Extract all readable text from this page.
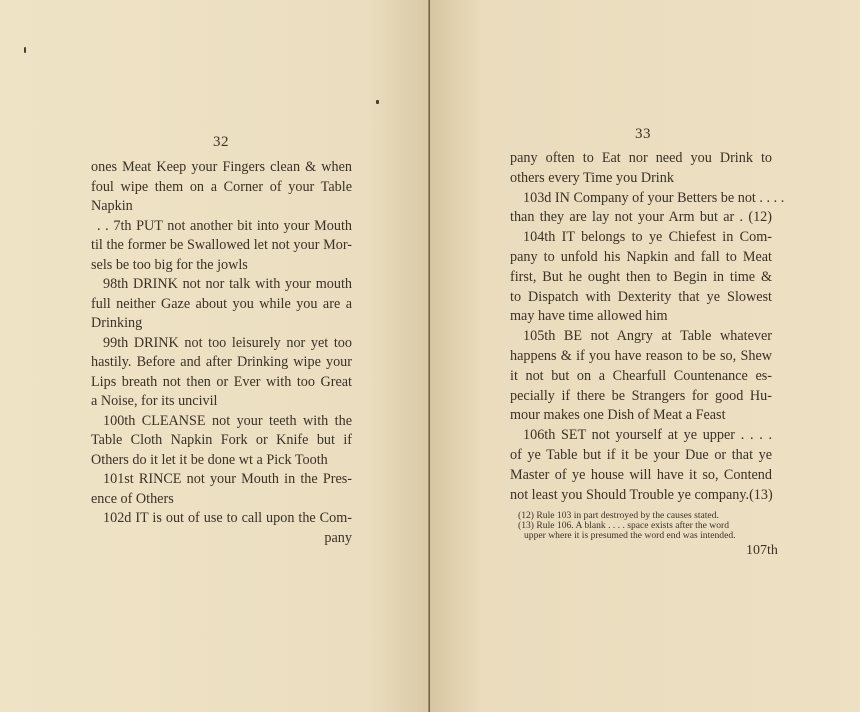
32
ones Meat Keep your Fingers clean & when
foul wipe them on a Corner of your Table
Napkin
. . 7th PUT not another bit into your Mouth
til the former be Swallowed let not your Mor-
sels be too big for the jowls
98th DRINK not nor talk with your mouth
full neither Gaze about you while you are a
Drinking
99th DRINK not too leisurely nor yet too
hastily. Before and after Drinking wipe your
Lips breath not then or Ever with too Great
a Noise, for its uncivil
100th CLEANSE not your teeth with the
Table Cloth Napkin Fork or Knife but if
Others do it let it be done wt a Pick Tooth
101st RINCE not your Mouth in the Pres-
ence of Others
102d IT is out of use to call upon the Com-
pany
33
pany often to Eat nor need you Drink to
others every Time you Drink
103d IN Company of your Betters be not . . . .
than they are lay not your Arm but ar . (12)
104th IT belongs to ye Chiefest in Com-
pany to unfold his Napkin and fall to Meat
first, But he ought then to Begin in time &
to Dispatch with Dexterity that ye Slowest
may have time allowed him
105th BE not Angry at Table whatever
happens & if you have reason to be so, Shew
it not but on a Chearfull Countenance es-
pecially if there be Strangers for good Hu-
mour makes one Dish of Meat a Feast
106th SET not yourself at ye upper . . . .
of ye Table but if it be your Due or that ye
Master of ye house will have it so, Contend
not least you Should Trouble ye company.(13)
(12) Rule 103 in part destroyed by the causes stated.
(13) Rule 106. A blank . . . . space exists after the word
upper where it is presumed the word end was intended.
107th
